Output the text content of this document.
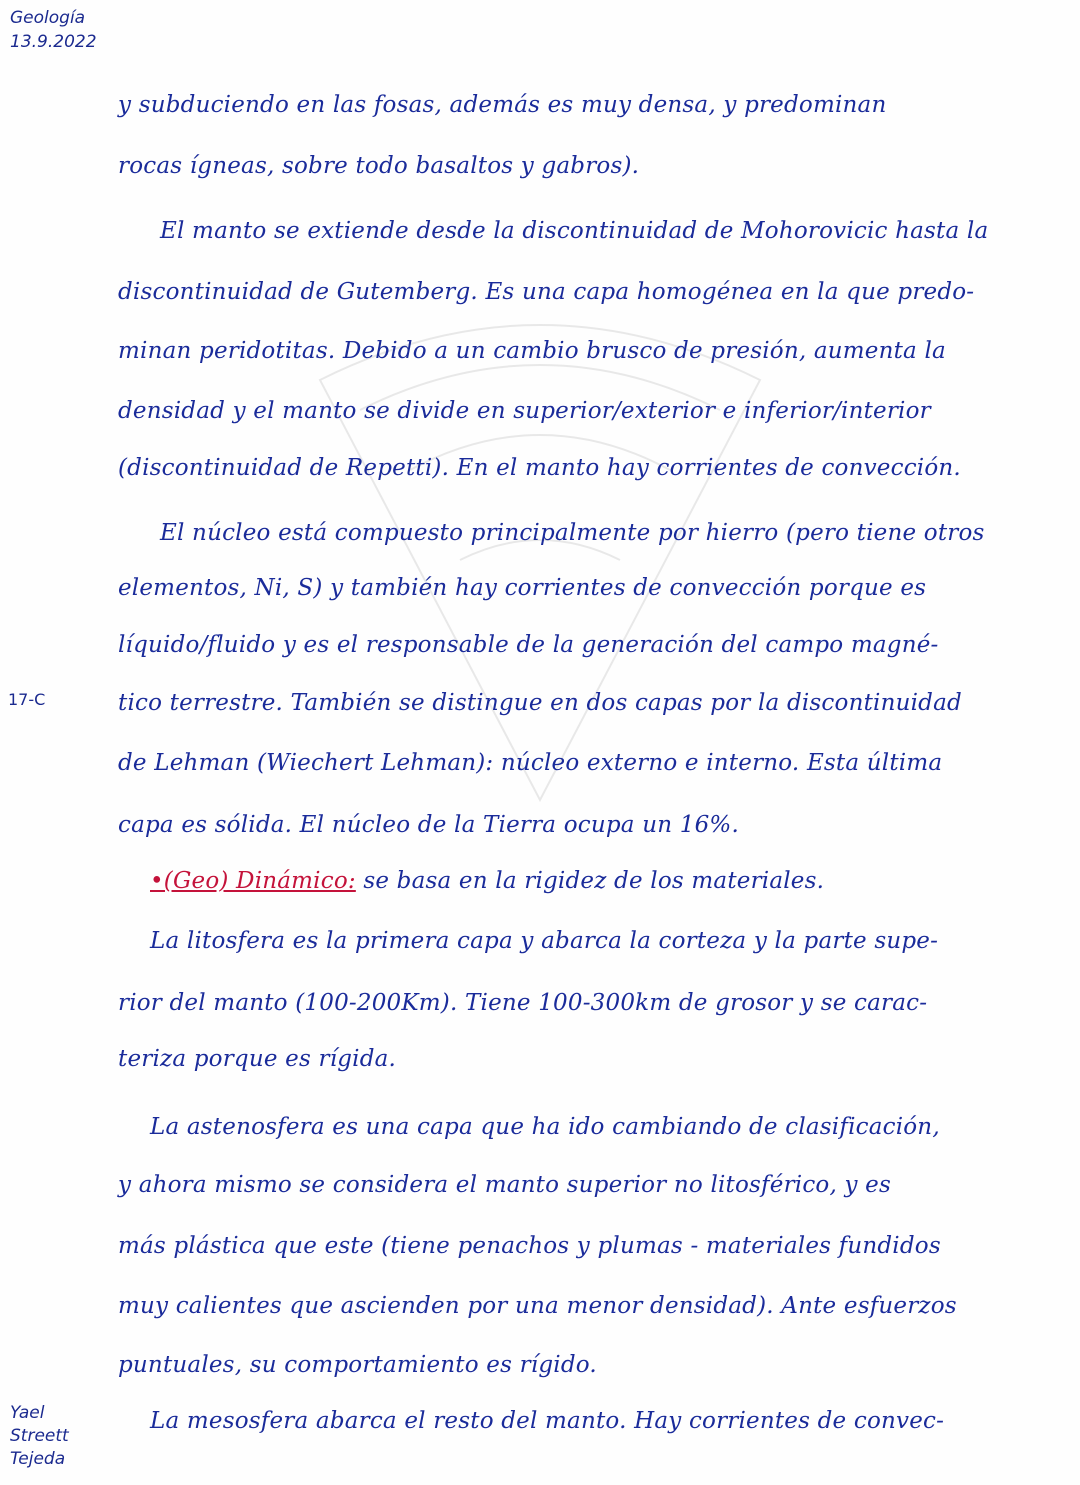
Geología
13.9.2022
17-C
Yael
Streett
Tejeda
y subduciendo en las fosas, además es muy densa, y predominan
rocas ígneas, sobre todo basaltos y gabros).
El manto se extiende desde la discontinuidad de Mohorovicic hasta la
discontinuidad de Gutemberg. Es una capa homogénea en la que predo-
minan peridotitas. Debido a un cambio brusco de presión, aumenta la
densidad y el manto se divide en superior/exterior e inferior/interior
(discontinuidad de Repetti). En el manto hay corrientes de convección.
El núcleo está compuesto principalmente por hierro (pero tiene otros
elementos, Ni, S) y también hay corrientes de convección porque es
líquido/fluido y es el responsable de la generación del campo magné-
tico terrestre. También se distingue en dos capas por la discontinuidad
de Lehman (Wiechert Lehman): núcleo externo e interno. Esta última
capa es sólida. El núcleo de la Tierra ocupa un 16%.
•(Geo) Dinámico: se basa en la rigidez de los materiales.
La litosfera es la primera capa y abarca la corteza y la parte supe-
rior del manto (100-200Km). Tiene 100-300km de grosor y se carac-
teriza porque es rígida.
La astenosfera es una capa que ha ido cambiando de clasificación,
y ahora mismo se considera el manto superior no litosférico, y es
más plástica que este (tiene penachos y plumas - materiales fundidos
muy calientes que ascienden por una menor densidad). Ante esfuerzos
puntuales, su comportamiento es rígido.
La mesosfera abarca el resto del manto. Hay corrientes de convec-
